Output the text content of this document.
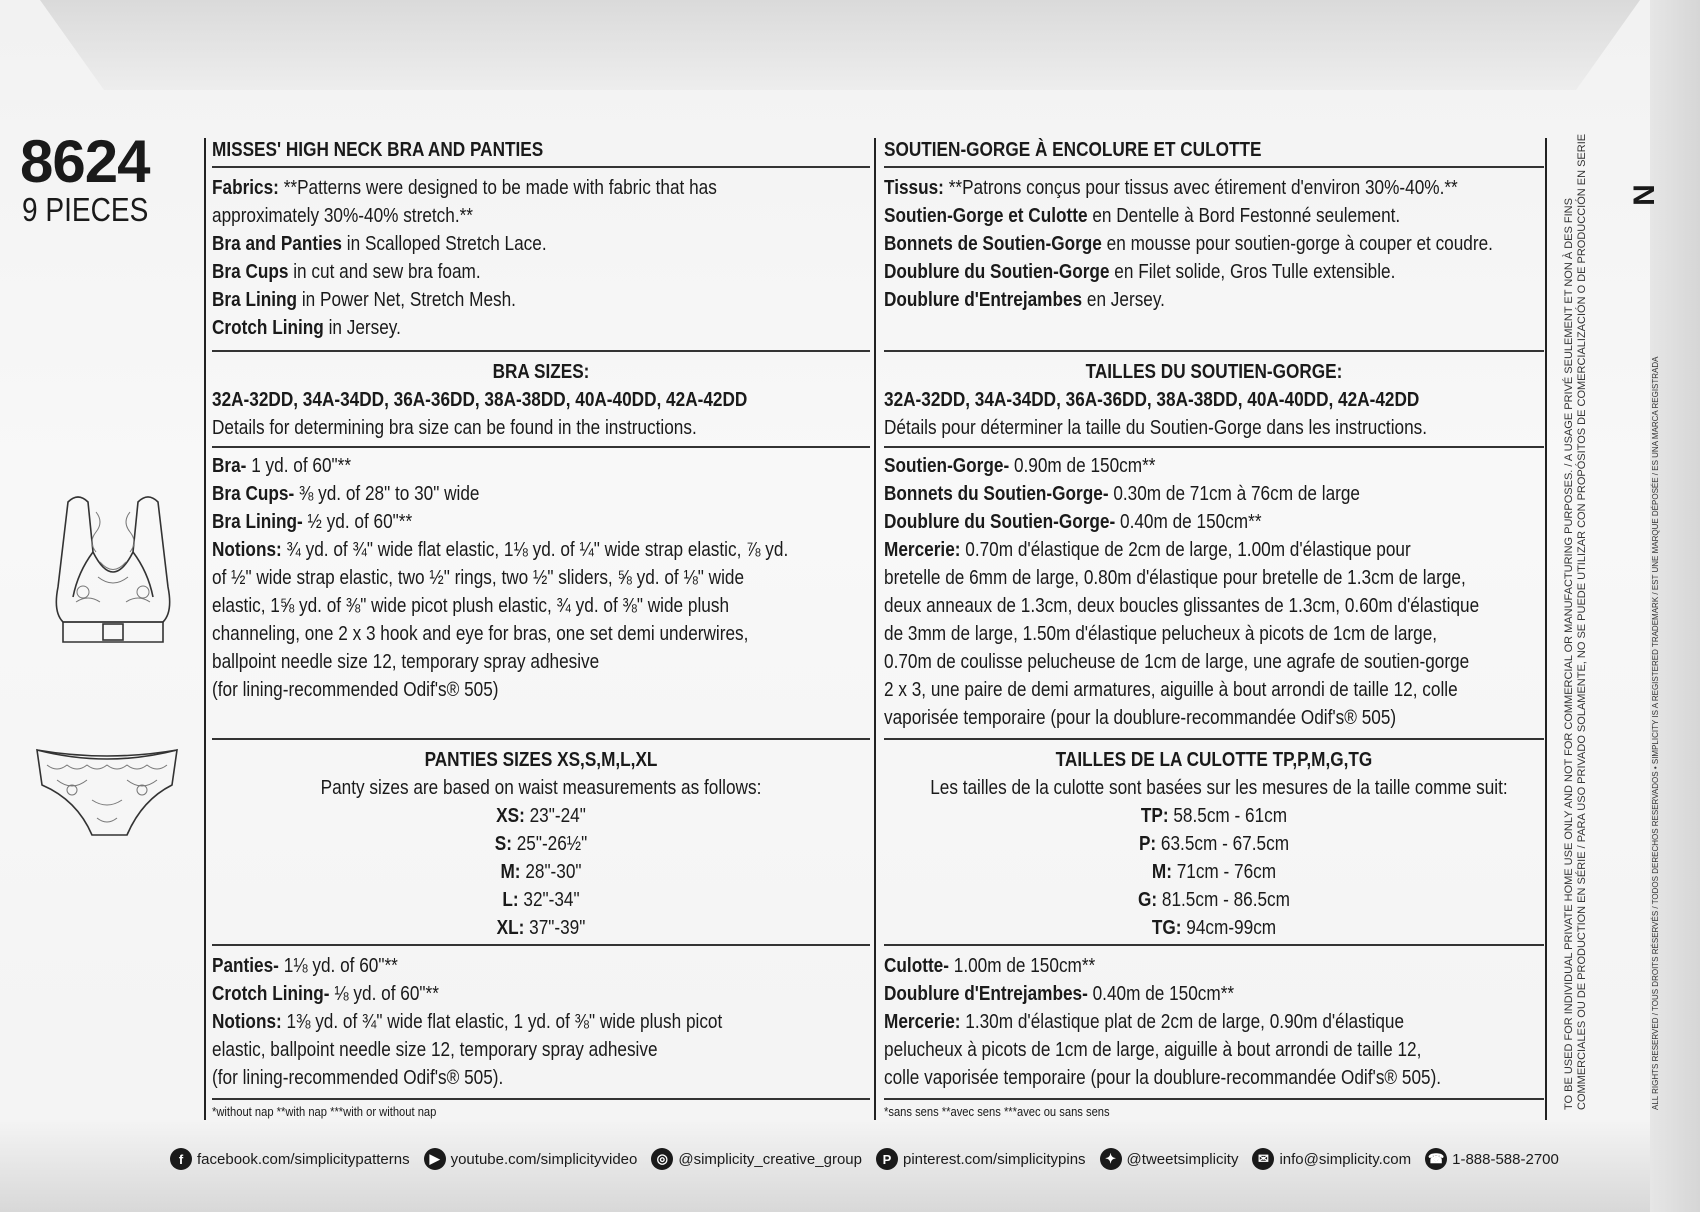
8624
9 PIECES
MISSES' HIGH NECK BRA AND PANTIES
Fabrics: **Patterns were designed to be made with fabric that has
approximately 30%-40% stretch.**
Bra and Panties in Scalloped Stretch Lace.
Bra Cups in cut and sew bra foam.
Bra Lining in Power Net, Stretch Mesh.
Crotch Lining in Jersey.
BRA SIZES:
32A-32DD, 34A-34DD, 36A-36DD, 38A-38DD, 40A-40DD, 42A-42DD
Details for determining bra size can be found in the instructions.
Bra- 1 yd. of 60"**
Bra Cups- ⅜ yd. of 28" to 30" wide
Bra Lining- ½ yd. of 60"**
Notions: ¾ yd. of ¾" wide flat elastic, 1⅛ yd. of ¼" wide strap elastic, ⅞ yd.
of ½" wide strap elastic, two ½" rings, two ½" sliders, ⅝ yd. of ⅛" wide
elastic, 1⅝ yd. of ⅜" wide picot plush elastic, ¾ yd. of ⅜" wide plush
channeling, one 2 x 3 hook and eye for bras, one set demi underwires,
ballpoint needle size 12, temporary spray adhesive
(for lining-recommended Odif's® 505)
PANTIES SIZES XS,S,M,L,XL
Panty sizes are based on waist measurements as follows:
XS: 23"-24"
S: 25"-26½"
M: 28"-30"
L: 32"-34"
XL: 37"-39"
Panties- 1⅛ yd. of 60"**
Crotch Lining- ⅛ yd. of 60"**
Notions: 1⅜ yd. of ¾" wide flat elastic, 1 yd. of ⅜" wide plush picot
elastic, ballpoint needle size 12, temporary spray adhesive
(for lining-recommended Odif's® 505).
*without nap **with nap ***with or without nap
SOUTIEN-GORGE À ENCOLURE ET CULOTTE
Tissus: **Patrons conçus pour tissus avec étirement d'environ 30%-40%.**
Soutien-Gorge et Culotte en Dentelle à Bord Festonné seulement.
Bonnets de Soutien-Gorge en mousse pour soutien-gorge à couper et coudre.
Doublure du Soutien-Gorge en Filet solide, Gros Tulle extensible.
Doublure d'Entrejambes en Jersey.
TAILLES DU SOUTIEN-GORGE:
32A-32DD, 34A-34DD, 36A-36DD, 38A-38DD, 40A-40DD, 42A-42DD
Détails pour déterminer la taille du Soutien-Gorge dans les instructions.
Soutien-Gorge- 0.90m de 150cm**
Bonnets du Soutien-Gorge- 0.30m de 71cm à 76cm de large
Doublure du Soutien-Gorge- 0.40m de 150cm**
Mercerie: 0.70m d'élastique de 2cm de large, 1.00m d'élastique pour
bretelle de 6mm de large, 0.80m d'élastique pour bretelle de 1.3cm de large,
deux anneaux de 1.3cm, deux boucles glissantes de 1.3cm, 0.60m d'élastique
de 3mm de large, 1.50m d'élastique pelucheux à picots de 1cm de large,
0.70m de coulisse pelucheuse de 1cm de large, une agrafe de soutien-gorge
2 x 3, une paire de demi armatures, aiguille à bout arrondi de taille 12, colle
vaporisée temporaire (pour la doublure-recommandée Odif's® 505)
TAILLES DE LA CULOTTE TP,P,M,G,TG
Les tailles de la culotte sont basées sur les mesures de la taille comme suit:
TP: 58.5cm - 61cm
P: 63.5cm - 67.5cm
M: 71cm - 76cm
G: 81.5cm - 86.5cm
TG: 94cm-99cm
Culotte- 1.00m de 150cm**
Doublure d'Entrejambes- 0.40m de 150cm**
Mercerie: 1.30m d'élastique plat de 2cm de large, 0.90m d'élastique
pelucheux à picots de 1cm de large, aiguille à bout arrondi de taille 12,
colle vaporisée temporaire (pour la doublure-recommandée Odif's® 505).
*sans sens **avec sens ***avec ou sans sens
TO BE USED FOR INDIVIDUAL PRIVATE HOME USE ONLY AND NOT FOR COMMERCIAL OR MANUFACTURING PURPOSES. / A USAGE PRIVÉ SEULEMENT ET NON À DES FINS COMMERCIALES OU DE PRODUCTION EN SÉRIE / PARA USO PRIVADO SOLAMENTE, NO SE PUEDE UTILIZAR CON PROPÓSITOS DE COMERCIALIZACIÓN O DE PRODUCCIÓN EN SERIE	ALL RIGHTS RESERVED / TOUS DROITS RÉSERVÉS / TODOS DERECHOS RESERVADOS • SIMPLICITY IS A REGISTERED TRADEMARK / EST UNE MARQUE DÉPOSÉE / ES UNA MARCA REGISTRADA
N
f facebook.com/simplicitypatterns	▶ youtube.com/simplicityvideo	◎ @simplicity_creative_group	P pinterest.com/simplicitypins	✦ @tweetsimplicity	✉ info@simplicity.com ☎ 1-888-588-2700
